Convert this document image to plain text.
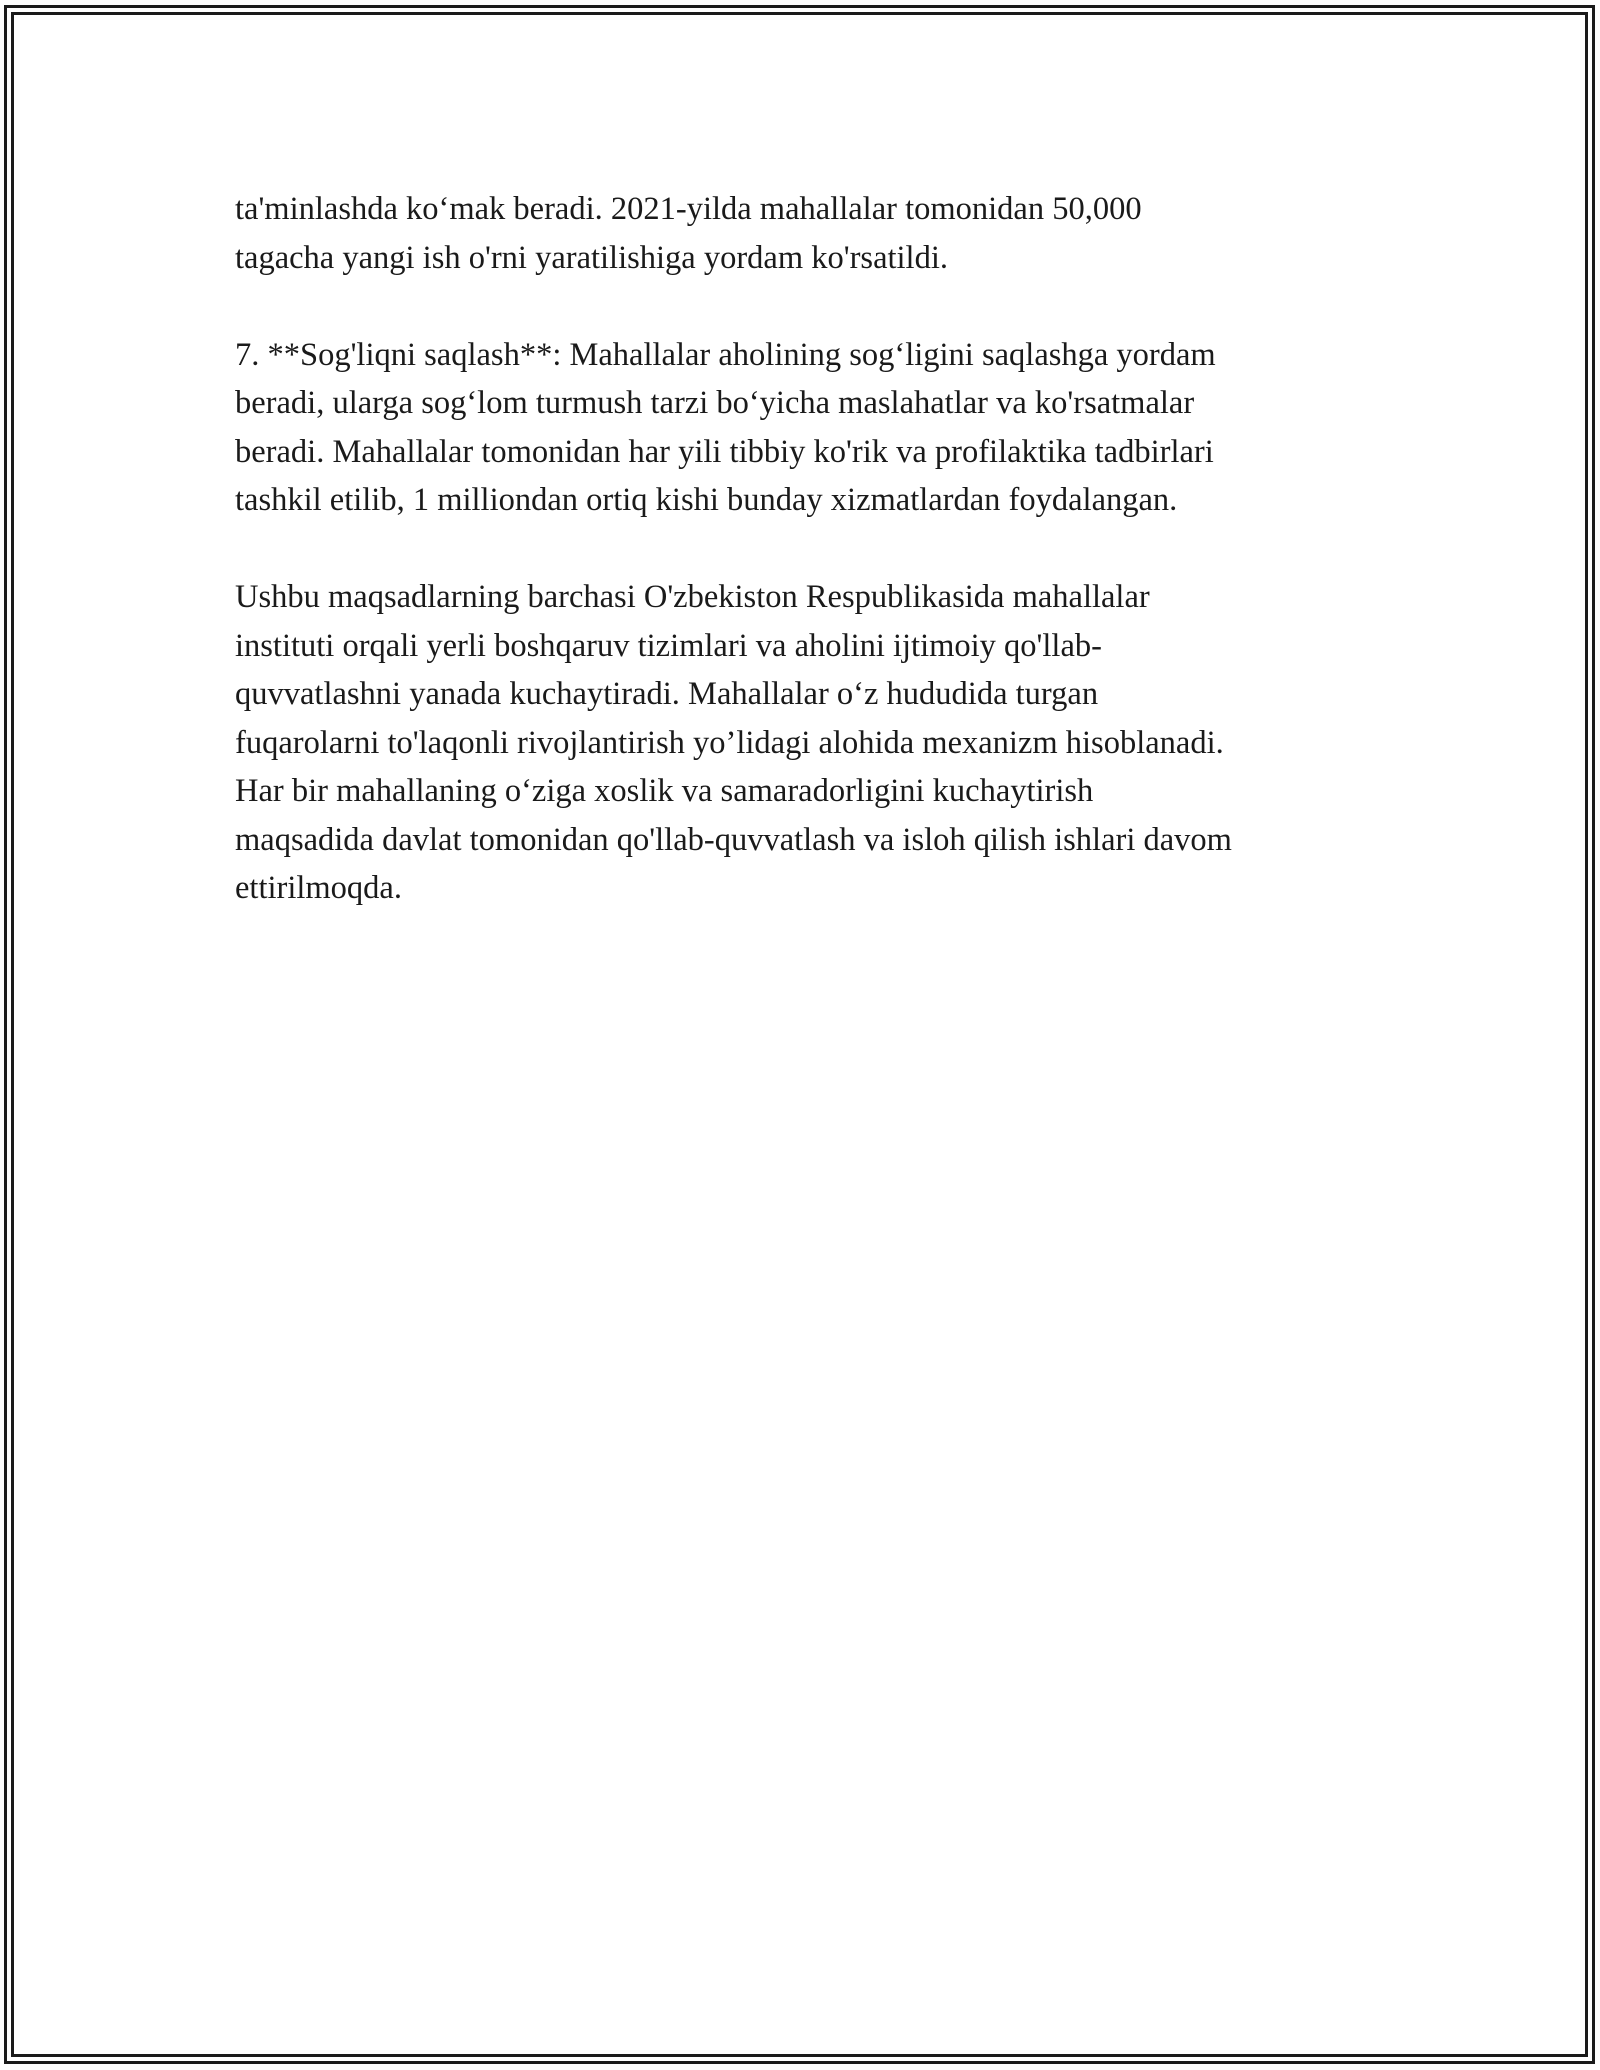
ta'minlashda ko‘mak beradi. 2021-yilda mahallalar tomonidan 50,000
tagacha yangi ish o'rni yaratilishiga yordam ko'rsatildi.

7. **Sog'liqni saqlash**: Mahallalar aholining sog‘ligini saqlashga yordam
beradi, ularga sog‘lom turmush tarzi bo‘yicha maslahatlar va ko'rsatmalar
beradi. Mahallalar tomonidan har yili tibbiy ko'rik va profilaktika tadbirlari
tashkil etilib, 1 milliondan ortiq kishi bunday xizmatlardan foydalangan.

Ushbu maqsadlarning barchasi O'zbekiston Respublikasida mahallalar
instituti orqali yerli boshqaruv tizimlari va aholini ijtimoiy qo'llab-
quvvatlashni yanada kuchaytiradi. Mahallalar o‘z hududida turgan
fuqarolarni to'laqonli rivojlantirish yo’lidagi alohida mexanizm hisoblanadi.
Har bir mahallaning o‘ziga xoslik va samaradorligini kuchaytirish
maqsadida davlat tomonidan qo'llab-quvvatlash va isloh qilish ishlari davom
ettirilmoqda.
